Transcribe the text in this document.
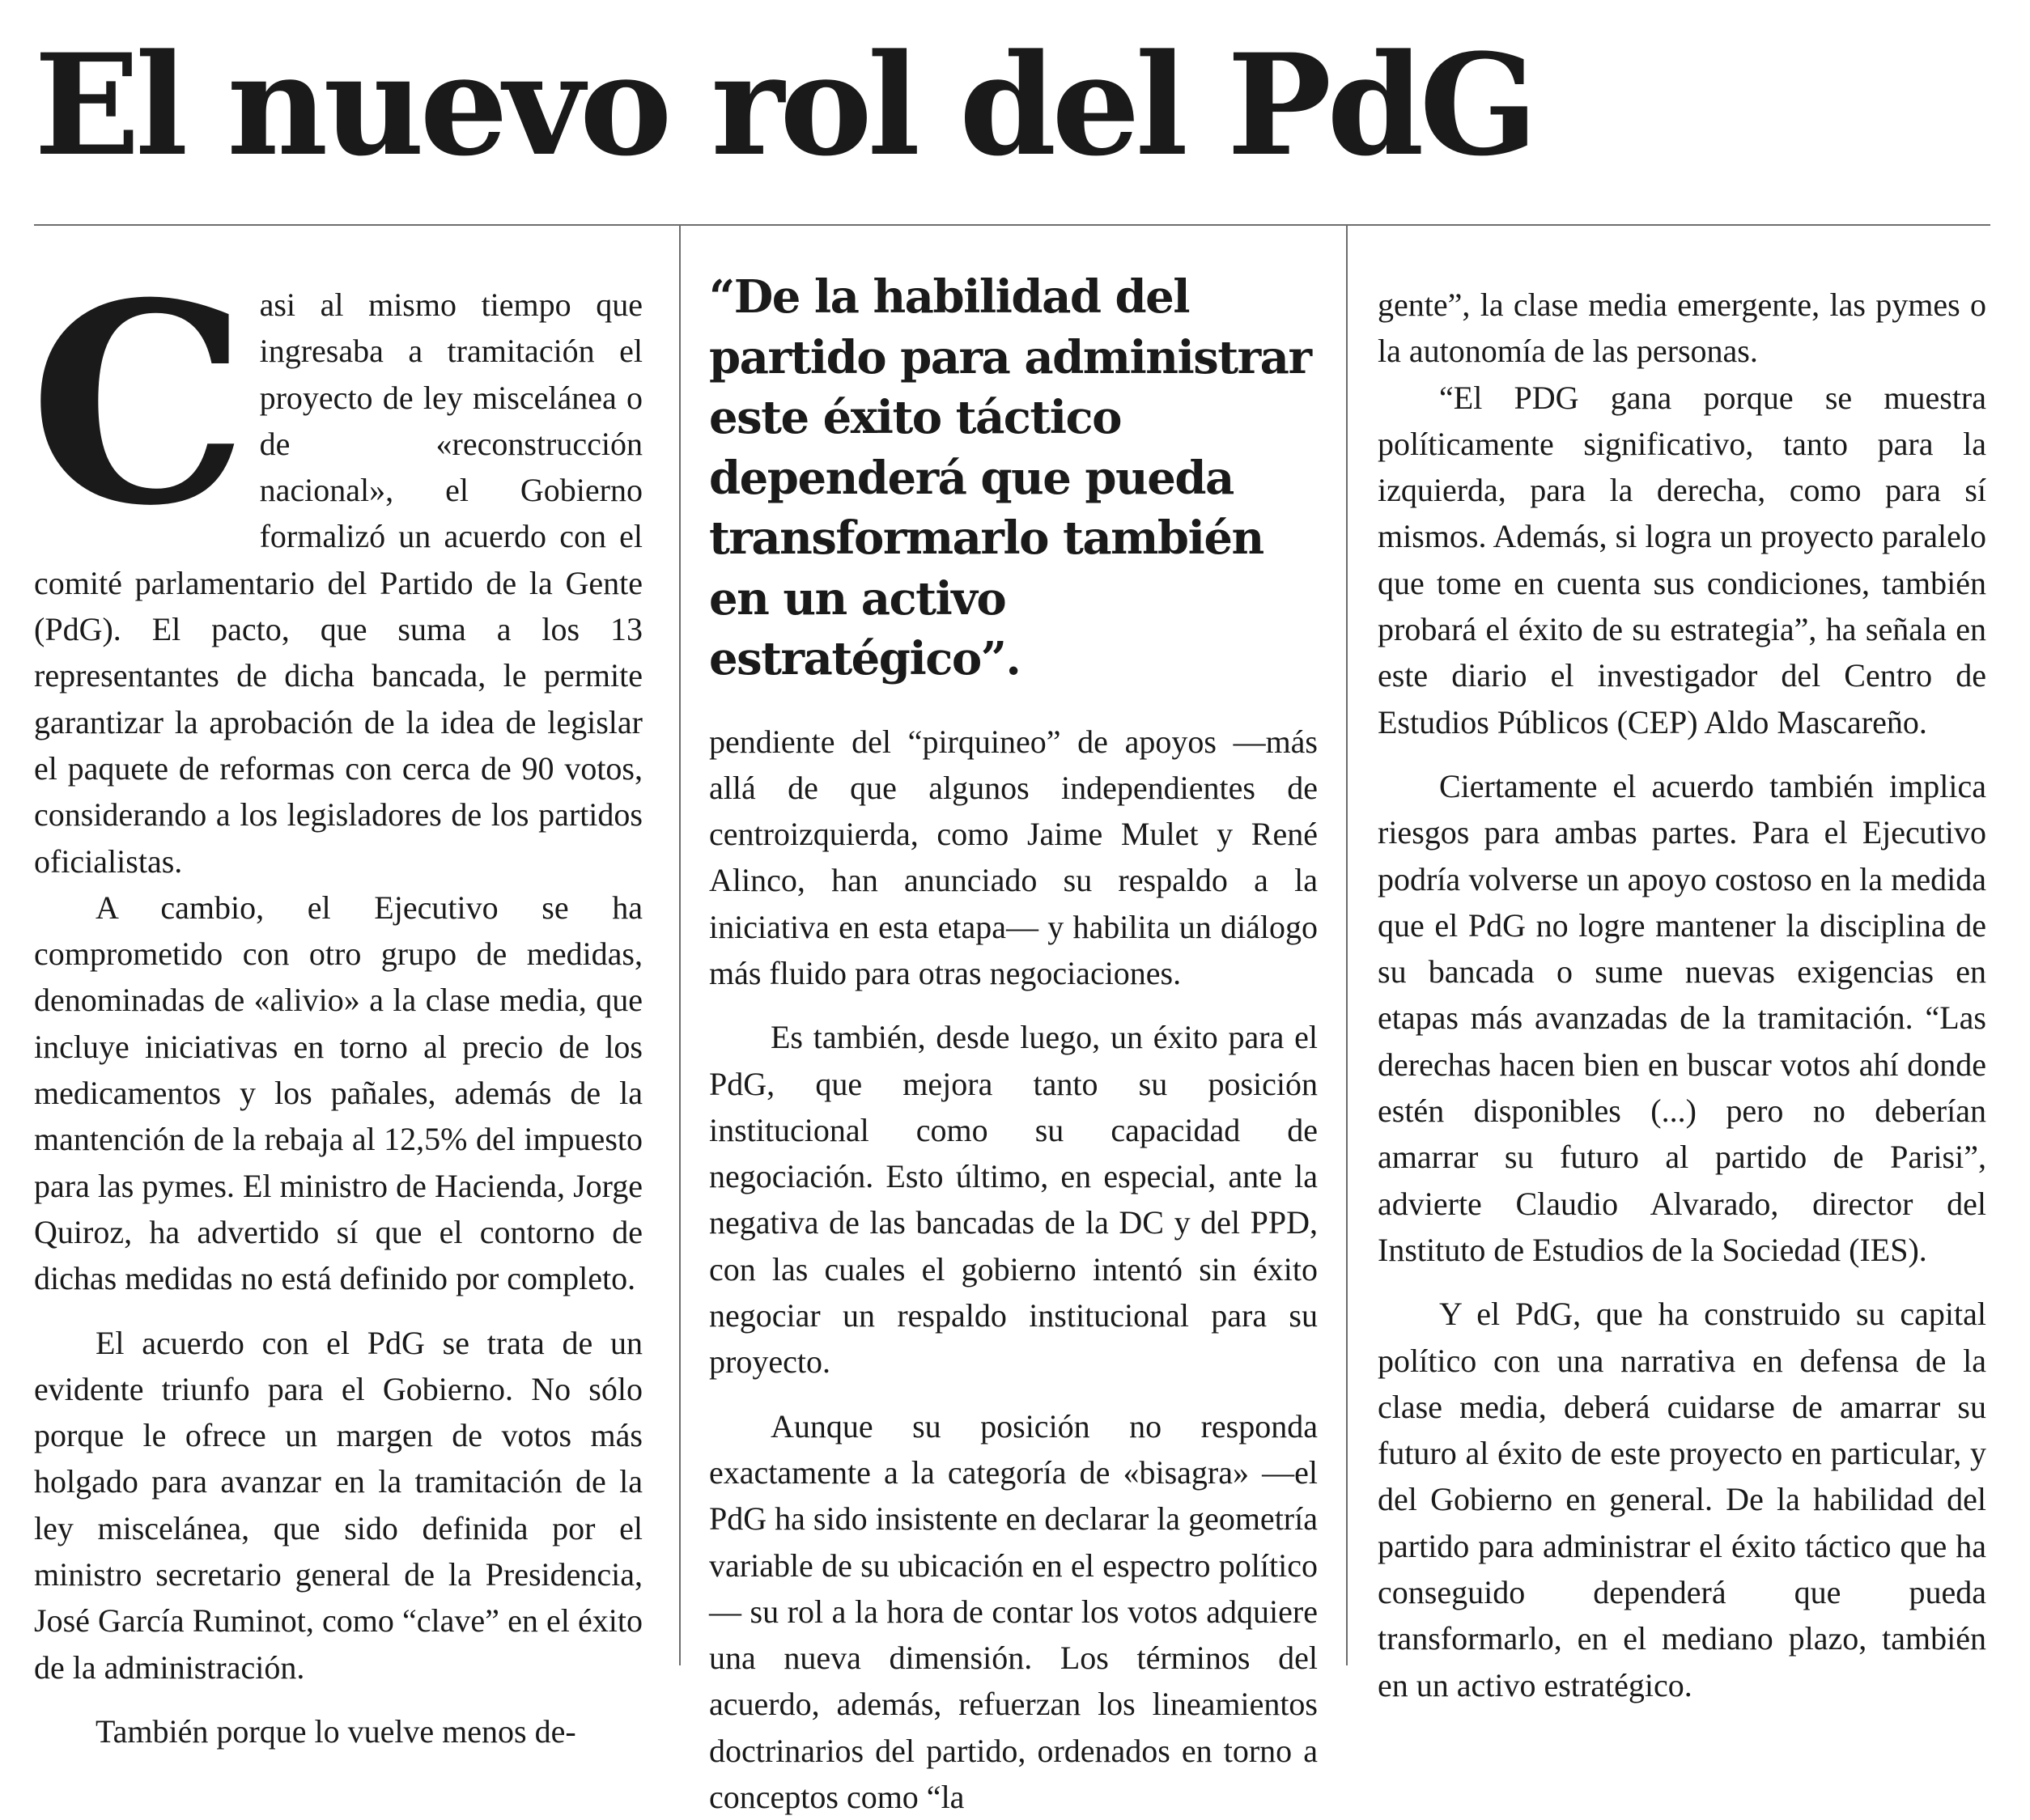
El nuevo rol del PdG
C asi al mismo tiempo que ingresaba a tramitación el proyecto de ley miscelánea o de «reconstrucción nacional», el Gobierno formalizó un acuerdo con el comité parlamentario del Partido de la Gente (PdG). El pacto, que suma a los 13 representantes de dicha bancada, le permite garantizar la aprobación de la idea de legislar el paquete de reformas con cerca de 90 votos, considerando a los legisladores de los partidos oficialistas.

A cambio, el Ejecutivo se ha comprometido con otro grupo de medidas, denominadas de «alivio» a la clase media, que incluye iniciativas en torno al precio de los medicamentos y los pañales, además de la mantención de la rebaja al 12,5% del impuesto para las pymes. El ministro de Hacienda, Jorge Quiroz, ha advertido sí que el contorno de dichas medidas no está definido por completo.

El acuerdo con el PdG se trata de un evidente triunfo para el Gobierno. No sólo porque le ofrece un margen de votos más holgado para avanzar en la tramitación de la ley miscelánea, que sido definida por el ministro secretario general de la Presidencia, José García Ruminot, como “clave” en el éxito de la administración.

También porque lo vuelve menos de-

“De la habilidad del partido para administrar este éxito táctico dependerá que pueda transformarlo también en un activo estratégico”.

pendiente del “pirquineo” de apoyos —más allá de que algunos independientes de centroizquierda, como Jaime Mulet y René Alinco, han anunciado su respaldo a la iniciativa en esta etapa— y habilita un diálogo más fluido para otras negociaciones.

Es también, desde luego, un éxito para el PdG, que mejora tanto su posición institucional como su capacidad de negociación. Esto último, en especial, ante la negativa de las bancadas de la DC y del PPD, con las cuales el gobierno intentó sin éxito negociar un respaldo institucional para su proyecto.

Aunque su posición no responda exactamente a la categoría de «bisagra» —el PdG ha sido insistente en declarar la geometría variable de su ubicación en el espectro político— su rol a la hora de contar los votos adquiere una nueva dimensión. Los términos del acuerdo, además, refuerzan los lineamientos doctrinarios del partido, ordenados en torno a conceptos como “la

gente”, la clase media emergente, las pymes o la autonomía de las personas.

“El PDG gana porque se muestra políticamente significativo, tanto para la izquierda, para la derecha, como para sí mismos. Además, si logra un proyecto paralelo que tome en cuenta sus condiciones, también probará el éxito de su estrategia”, ha señala en este diario el investigador del Centro de Estudios Públicos (CEP) Aldo Mascareño.

Ciertamente el acuerdo también implica riesgos para ambas partes. Para el Ejecutivo podría volverse un apoyo costoso en la medida que el PdG no logre mantener la disciplina de su bancada o sume nuevas exigencias en etapas más avanzadas de la tramitación. “Las derechas hacen bien en buscar votos ahí donde estén disponibles (...) pero no deberían amarrar su futuro al partido de Parisi”, advierte Claudio Alvarado, director del Instituto de Estudios de la Sociedad (IES).

Y el PdG, que ha construido su capital político con una narrativa en defensa de la clase media, deberá cuidarse de amarrar su futuro al éxito de este proyecto en particular, y del Gobierno en general. De la habilidad del partido para administrar el éxito táctico que ha conseguido dependerá que pueda transformarlo, en el mediano plazo, también en un activo estratégico.
